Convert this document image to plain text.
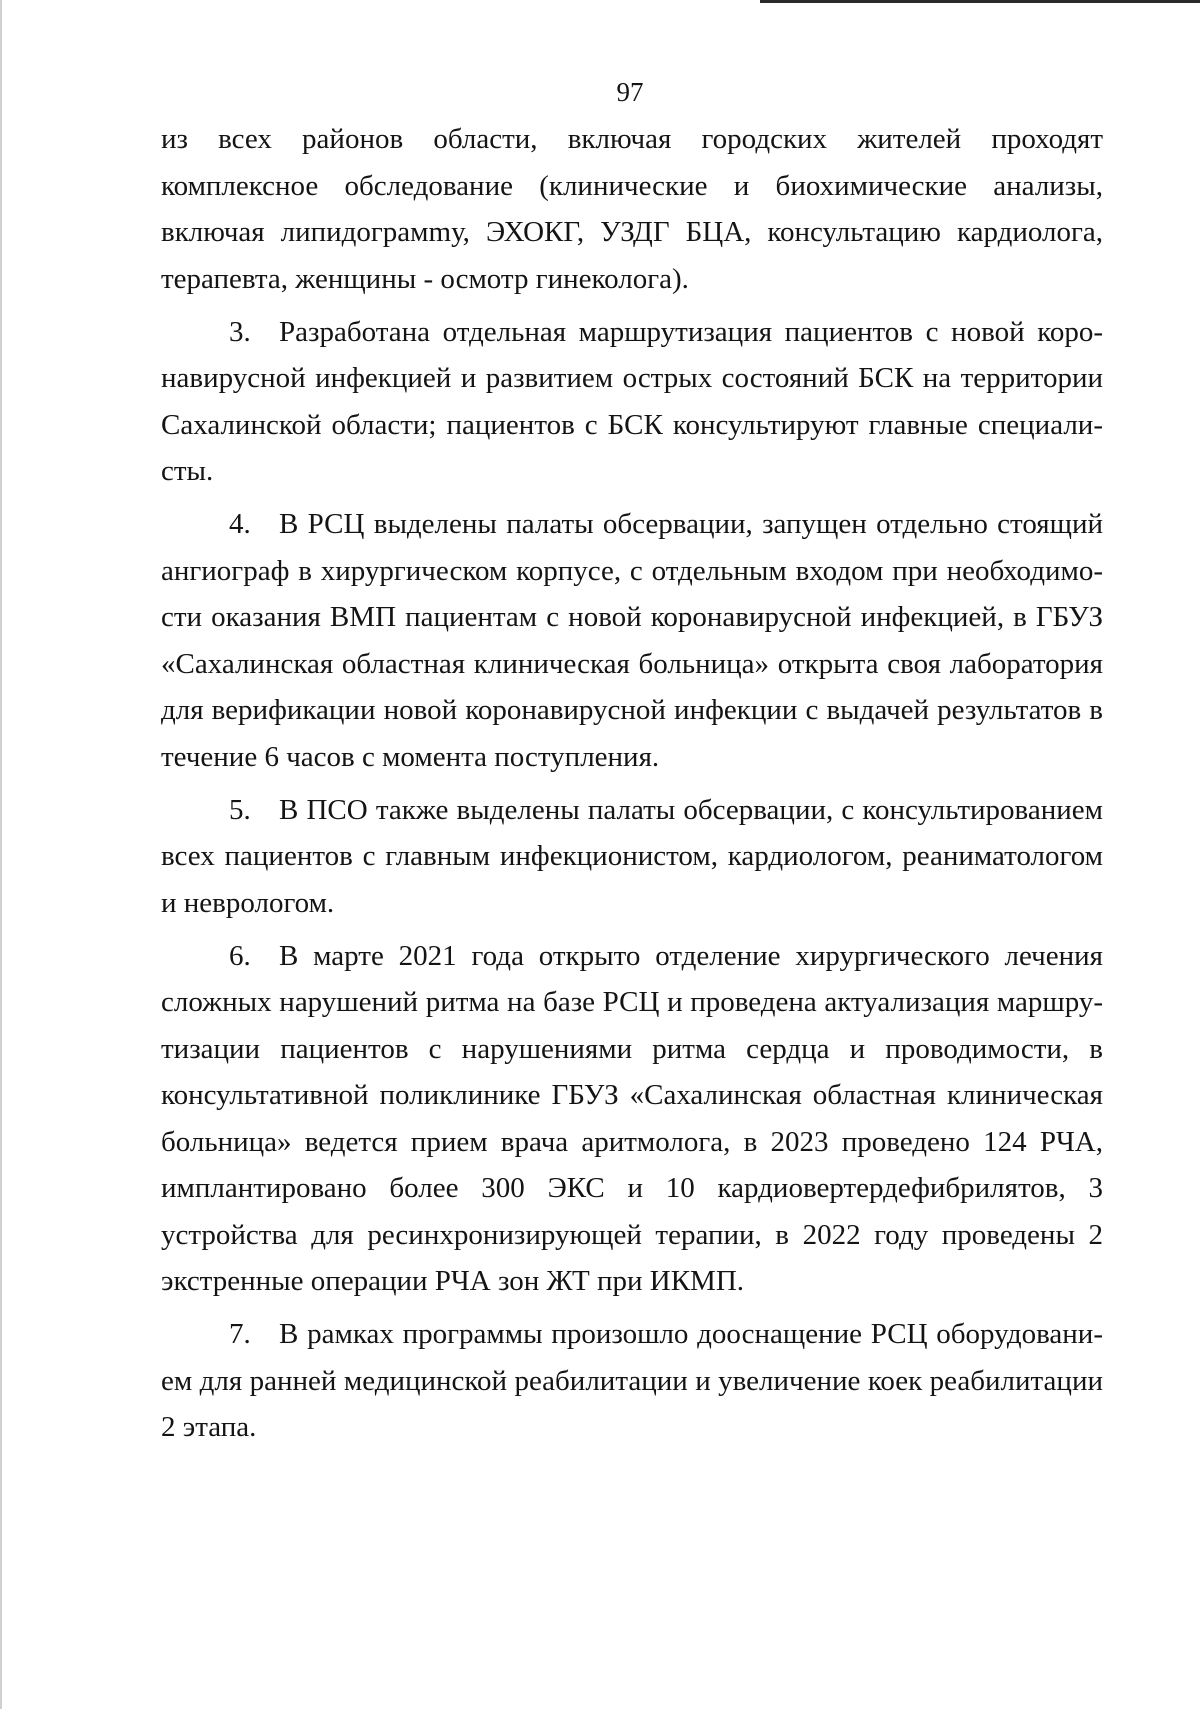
97

из всех районов области, включая городских жителей проходят комплексное обследование (клинические и биохимические анализы, включая липидограмmу, ЭХОКГ, УЗДГ БЦА, консультацию кардиолога, терапевта, женщины - осмотр гинеколога).

3. Разработана отдельная маршрутизация пациентов с новой коронавирусной инфекцией и развитием острых состояний БСК на территории Сахалинской области; пациентов с БСК консультируют главные специалисты.

4. В РСЦ выделены палаты обсервации, запущен отдельно стоящий ангиограф в хирургическом корпусе, с отдельным входом при необходимости оказания ВМП пациентам с новой коронавирусной инфекцией, в ГБУЗ «Сахалинская областная клиническая больница» открыта своя лаборатория для верификации новой коронавирусной инфекции с выдачей результатов в течение 6 часов с момента поступления.

5. В ПСО также выделены палаты обсервации, с консультированием всех пациентов с главным инфекционистом, кардиологом, реаниматологом и неврологом.

6. В марте 2021 года открыто отделение хирургического лечения сложных нарушений ритма на базе РСЦ и проведена актуализация маршрутизации пациентов с нарушениями ритма сердца и проводимости, в консультативной поликлинике ГБУЗ «Сахалинская областная клиническая больница» ведется прием врача аритмолога, в 2023 проведено 124 РЧА, имплантировано более 300 ЭКС и 10 кардиовертердефибрилятов, 3 устройства для ресинхронизирующей терапии, в 2022 году проведены 2 экстренные операции РЧА зон ЖТ при ИКМП.

7. В рамках программы произошло дооснащение РСЦ оборудованием для ранней медицинской реабилитации и увеличение коек реабилитации 2 этапа.
